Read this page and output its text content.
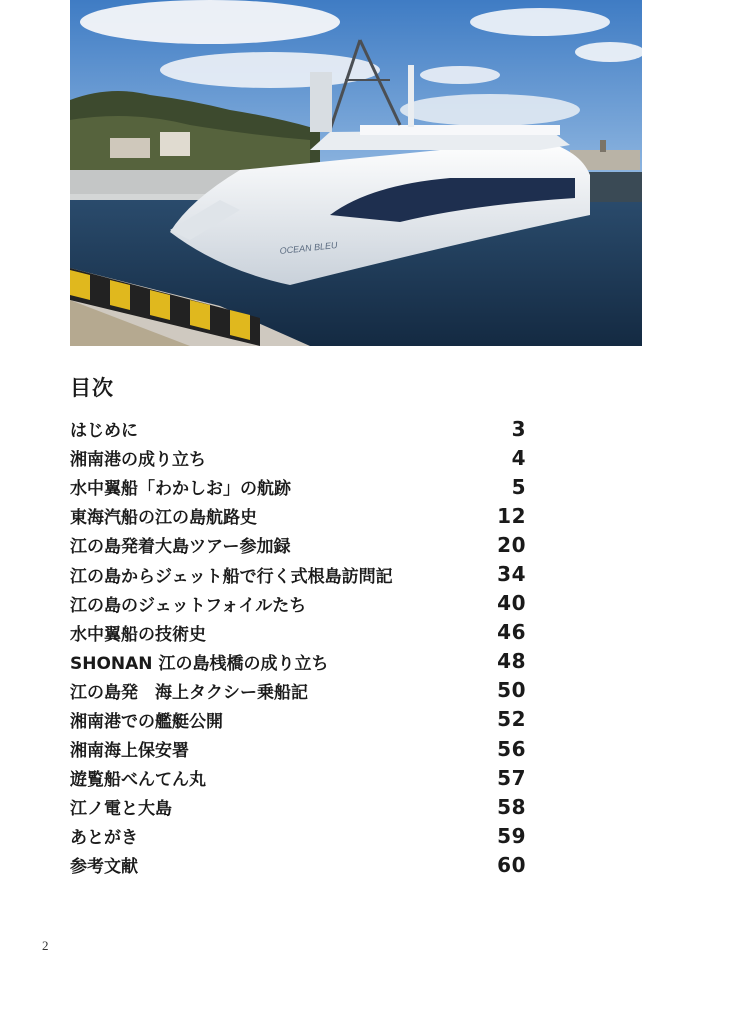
OCEAN BLEU
目次
はじめに	3
湘南港の成り立ち	4
水中翼船「わかしお」の航跡	5
東海汽船の江の島航路史	12
江の島発着大島ツアー参加録	20
江の島からジェット船で行く式根島訪問記	34
江の島のジェットフォイルたち	40
水中翼船の技術史	46
SHONAN 江の島桟橋の成り立ち	48
江の島発　海上タクシー乗船記	50
湘南港での艦艇公開	52
湘南海上保安署	56
遊覧船べんてん丸	57
江ノ電と大島	58
あとがき	59
参考文献	60
2
